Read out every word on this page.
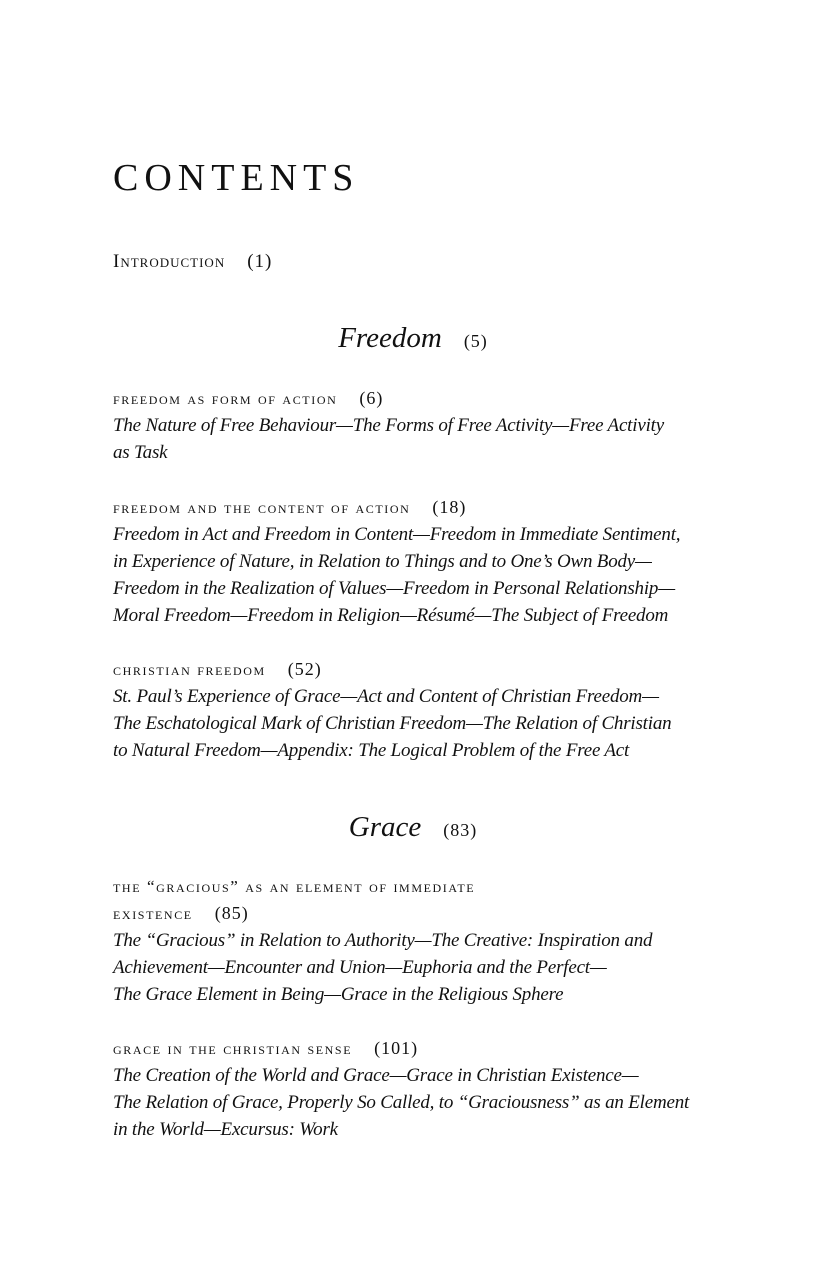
CONTENTS
Introduction (1)
Freedom (5)
freedom as form of action (6)
The Nature of Free Behaviour—The Forms of Free Activity—Free Activity
as Task
freedom and the content of action (18)
Freedom in Act and Freedom in Content—Freedom in Immediate Sentiment,
in Experience of Nature, in Relation to Things and to One’s Own Body—
Freedom in the Realization of Values—Freedom in Personal Relationship—
Moral Freedom—Freedom in Religion—Résumé—The Subject of Freedom
christian freedom (52)
St. Paul’s Experience of Grace—Act and Content of Christian Freedom—
The Eschatological Mark of Christian Freedom—The Relation of Christian
to Natural Freedom—Appendix: The Logical Problem of the Free Act
Grace (83)
the “gracious” as an element of immediate
existence (85)
The “Gracious” in Relation to Authority—The Creative: Inspiration and
Achievement—Encounter and Union—Euphoria and the Perfect—
The Grace Element in Being—Grace in the Religious Sphere
grace in the christian sense (101)
The Creation of the World and Grace—Grace in Christian Existence—
The Relation of Grace, Properly So Called, to “Graciousness” as an Element
in the World—Excursus: Work
